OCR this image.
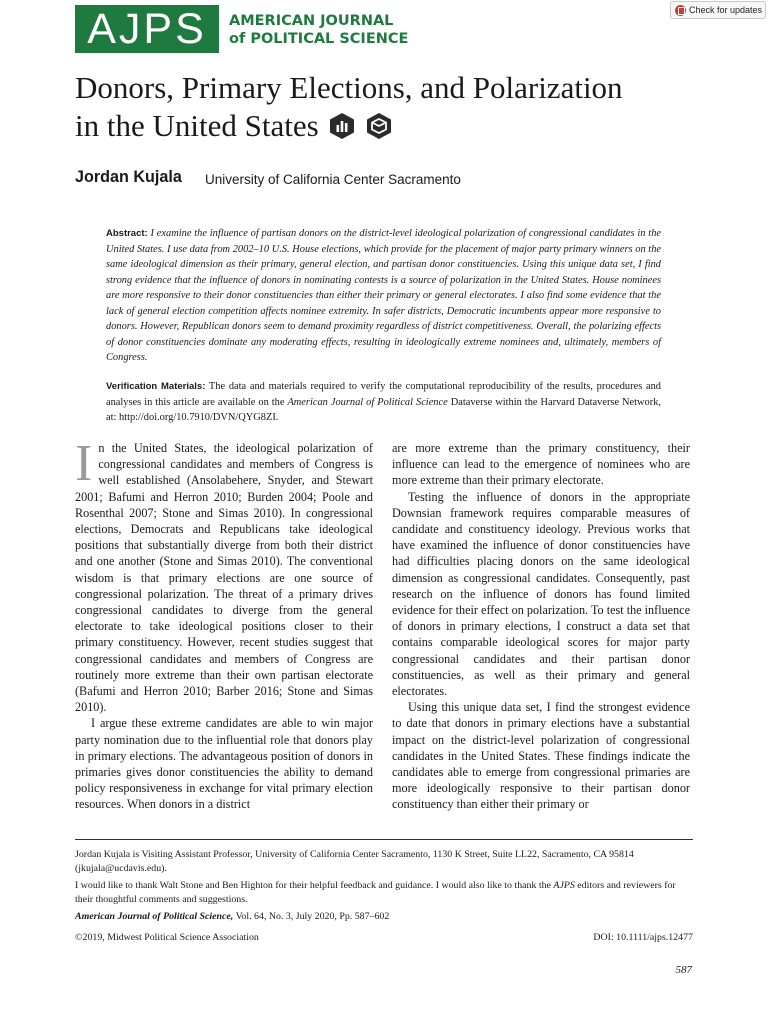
AJPS	AMERICAN JOURNAL
of POLITICAL SCIENCE
Check for updates
Donors, Primary Elections, and Polarization
in the United States
Jordan Kujala University of California Center Sacramento
Abstract: I examine the influence of partisan donors on the district-level ideological polarization of congressional candidates in the United States. I use data from 2002–10 U.S. House elections, which provide for the placement of major party primary winners on the same ideological dimension as their primary, general election, and partisan donor constituencies. Using this unique data set, I find strong evidence that the influence of donors in nominating contests is a source of polarization in the United States. House nominees are more responsive to their donor constituencies than either their primary or general electorates. I also find some evidence that the lack of general election competition affects nominee extremity. In safer districts, Democratic incumbents appear more responsive to donors. However, Republican donors seem to demand proximity regardless of district competitiveness. Overall, the polarizing effects of donor constituencies dominate any moderating effects, resulting in ideologically extreme nominees and, ultimately, members of Congress.
Verification Materials: The data and materials required to verify the computational reproducibility of the results, procedures and analyses in this article are available on the American Journal of Political Science Dataverse within the Harvard Dataverse Network, at: http://doi.org/10.7910/DVN/QYG8ZI.

In the United States, the ideological polarization of congressional candidates and members of Congress is well established (Ansolabehere, Snyder, and Stewart 2001; Bafumi and Herron 2010; Burden 2004; Poole and Rosenthal 2007; Stone and Simas 2010). In congressional elections, Democrats and Republicans take ideological positions that substantially diverge from both their district and one another (Stone and Simas 2010). The conventional wisdom is that primary elections are one source of congressional polarization. The threat of a primary drives congressional candidates to diverge from the general electorate to take ideological positions closer to their primary constituency. However, recent studies suggest that congressional candidates and members of Congress are routinely more extreme than their own partisan electorate (Bafumi and Herron 2010; Barber 2016; Stone and Simas 2010).

I argue these extreme candidates are able to win major party nomination due to the influential role that donors play in primary elections. The advantageous position of donors in primaries gives donor constituencies the ability to demand policy responsiveness in exchange for vital primary election resources. When donors in a district

are more extreme than the primary constituency, their influence can lead to the emergence of nominees who are more extreme than their primary electorate.

Testing the influence of donors in the appropriate Downsian framework requires comparable measures of candidate and constituency ideology. Previous works that have examined the influence of donor constituencies have had difficulties placing donors on the same ideological dimension as congressional candidates. Consequently, past research on the influence of donors has found limited evidence for their effect on polarization. To test the influence of donors in primary elections, I construct a data set that contains comparable ideological scores for major party congressional candidates and their partisan donor constituencies, as well as their primary and general electorates.

Using this unique data set, I find the strongest evidence to date that donors in primary elections have a substantial impact on the district-level polarization of congressional candidates in the United States. These findings indicate the candidates able to emerge from congressional primaries are more ideologically responsive to their partisan donor constituency than either their primary or

Jordan Kujala is Visiting Assistant Professor, University of California Center Sacramento, 1130 K Street, Suite LL22, Sacramento, CA 95814 (jkujala@ucdavis.edu).
I would like to thank Walt Stone and Ben Highton for their helpful feedback and guidance. I would also like to thank the AJPS editors and reviewers for their thoughtful comments and suggestions.
American Journal of Political Science, Vol. 64, No. 3, July 2020, Pp. 587–602
©2019, Midwest Political Science Association	DOI: 10.1111/ajps.12477
587
